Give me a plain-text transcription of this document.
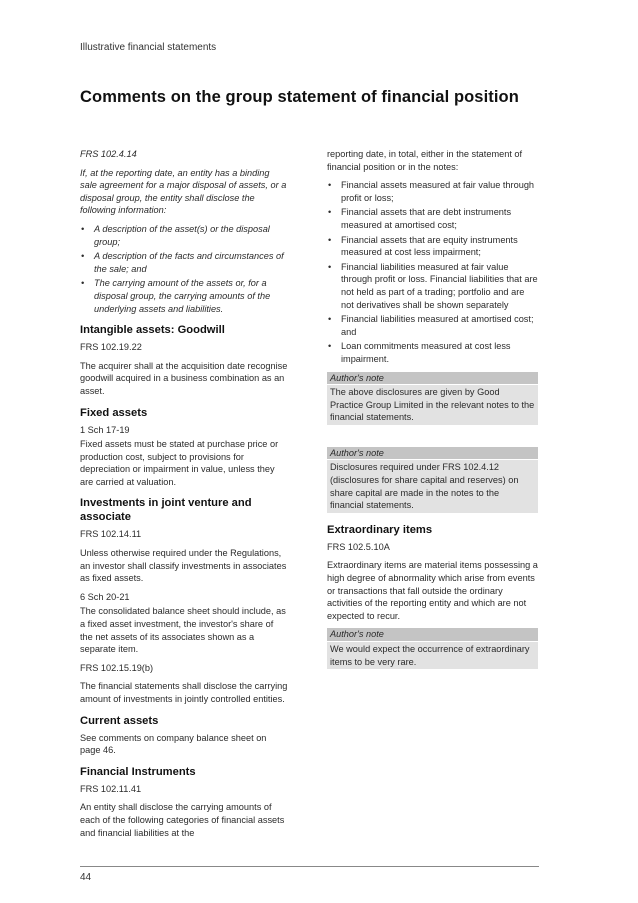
Illustrative financial statements
Comments on the group statement of financial position

FRS 102.4.14

If, at the reporting date, an entity has a binding sale agreement for a major disposal of assets, or a disposal group, the entity shall disclose the following information:

• A description of the asset(s) or the disposal group;
• A description of the facts and circumstances of the sale; and
• The carrying amount of the assets or, for a disposal group, the carrying amounts of the underlying assets and liabilities.
Intangible assets: Goodwill

FRS 102.19.22

The acquirer shall at the acquisition date recognise goodwill acquired in a business combination as an asset.

Fixed assets

1 Sch 17-19

Fixed assets must be stated at purchase price or production cost, subject to provisions for depreciation or impairment in value, unless they are carried at valuation.

Investments in joint venture and associate

FRS 102.14.11

Unless otherwise required under the Regulations, an investor shall classify investments in associates as fixed assets.

6 Sch 20-21

The consolidated balance sheet should include, as a fixed asset investment, the investor's share of the net assets of its associates shown as a separate item.

FRS 102.15.19(b)

The financial statements shall disclose the carrying amount of investments in jointly controlled entities.

Current assets

See comments on company balance sheet on page 46.

Financial Instruments

FRS 102.11.41

An entity shall disclose the carrying amounts of each of the following categories of financial assets and financial liabilities at the

reporting date, in total, either in the statement of financial position or in the notes:

• Financial assets measured at fair value through profit or loss;
• Financial assets that are debt instruments measured at amortised cost;
• Financial assets that are equity instruments measured at cost less impairment;
• Financial liabilities measured at fair value through profit or loss. Financial liabilities that are not held as part of a trading; portfolio and are not derivatives shall be shown separately
• Financial liabilities measured at amortised cost; and
• Loan commitments measured at cost less impairment.
Author's note
The above disclosures are given by Good Practice Group Limited in the relevant notes to the financial statements.
Author's note
Disclosures required under FRS 102.4.12 (disclosures for share capital and reserves) on share capital are made in the notes to the financial statements.
Extraordinary items

FRS 102.5.10A

Extraordinary items are material items possessing a high degree of abnormality which arise from events or transactions that fall outside the ordinary activities of the reporting entity and which are not expected to recur.

Author's note
We would expect the occurrence of extraordinary items to be very rare.
44
